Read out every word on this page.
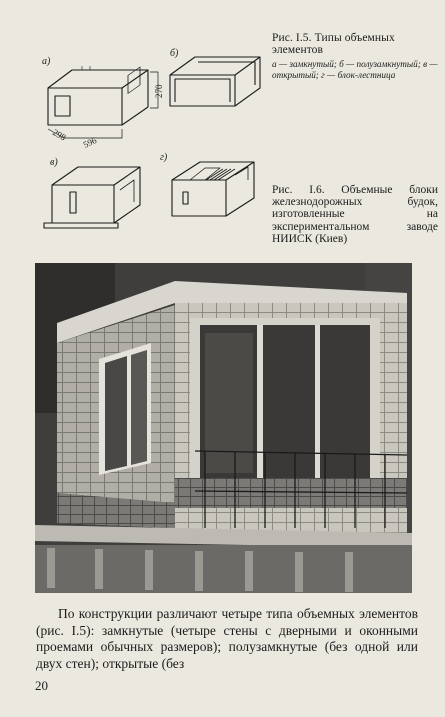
а)
б)
в)	г)
298 596
270
Рис. I.5. Типы объемных элементов
а — замкнутый; б — полузамкнутый; в — открытый; г — блок-лестница
Рис. I.6. Объемные блоки железнодорожных будок, изготовленные на экспериментальном заводе НИИСК (Киев)
По конструкции различают четыре типа объемных элементов (рис. I.5): замкнутые (четыре стены с дверными и оконными проемами обычных размеров); полузамкнутые (без одной или двух стен); открытые (без
20
